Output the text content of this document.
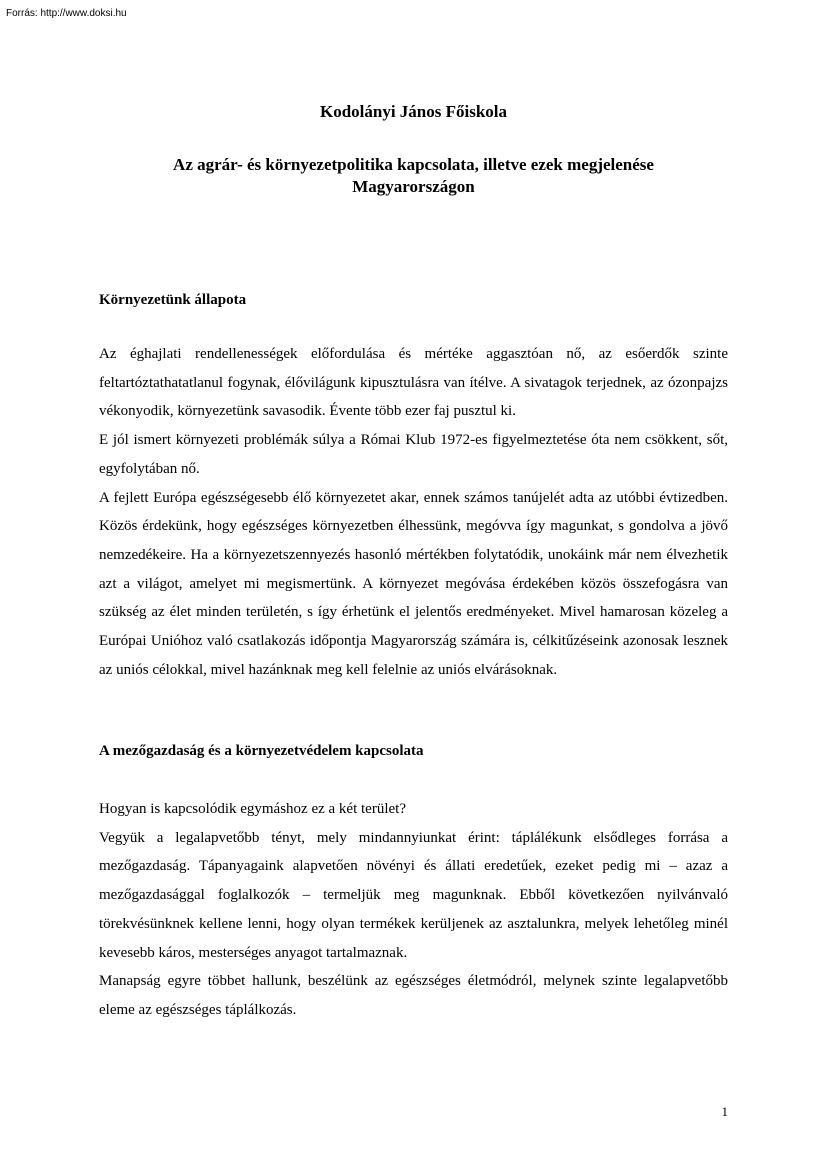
Forrás: http://www.doksi.hu
Kodolányi János Főiskola
Az agrár- és környezetpolitika kapcsolata, illetve ezek megjelenése Magyarországon
Környezetünk állapota

Az éghajlati rendellenességek előfordulása és mértéke aggasztóan nő, az esőerdők szinte feltartóztathatatlanul fogynak, élővilágunk kipusztulásra van ítélve. A sivatagok terjednek, az ózonpajzs vékonyodik, környezetünk savasodik. Évente több ezer faj pusztul ki.

E jól ismert környezeti problémák súlya a Római Klub 1972-es figyelmeztetése óta nem csökkent, sőt, egyfolytában nő.

A fejlett Európa egészségesebb élő környezetet akar, ennek számos tanújelét adta az utóbbi évtizedben. Közös érdekünk, hogy egészséges környezetben élhessünk, megóvva így magunkat, s gondolva a jövő nemzedékeire. Ha a környezetszennyezés hasonló mértékben folytatódik, unokáink már nem élvezhetik azt a világot, amelyet mi megismertünk. A környezet megóvása érdekében közös összefogásra van szükség az élet minden területén, s így érhetünk el jelentős eredményeket. Mivel hamarosan közeleg a Európai Unióhoz való csatlakozás időpontja Magyarország számára is, célkitűzéseink azonosak lesznek az uniós célokkal, mivel hazánknak meg kell felelnie az uniós elvárásoknak.

A mezőgazdaság és a környezetvédelem kapcsolata

Hogyan is kapcsolódik egymáshoz ez a két terület?

Vegyük a legalapvetőbb tényt, mely mindannyiunkat érint: táplálékunk elsődleges forrása a mezőgazdaság. Tápanyagaink alapvetően növényi és állati eredetűek, ezeket pedig mi – azaz a mezőgazdasággal foglalkozók – termeljük meg magunknak. Ebből következően nyilvánvaló törekvésünknek kellene lenni, hogy olyan termékek kerüljenek az asztalunkra, melyek lehetőleg minél kevesebb káros, mesterséges anyagot tartalmaznak.

Manapság egyre többet hallunk, beszélünk az egészséges életmódról, melynek szinte legalapvetőbb eleme az egészséges táplálkozás.

1
